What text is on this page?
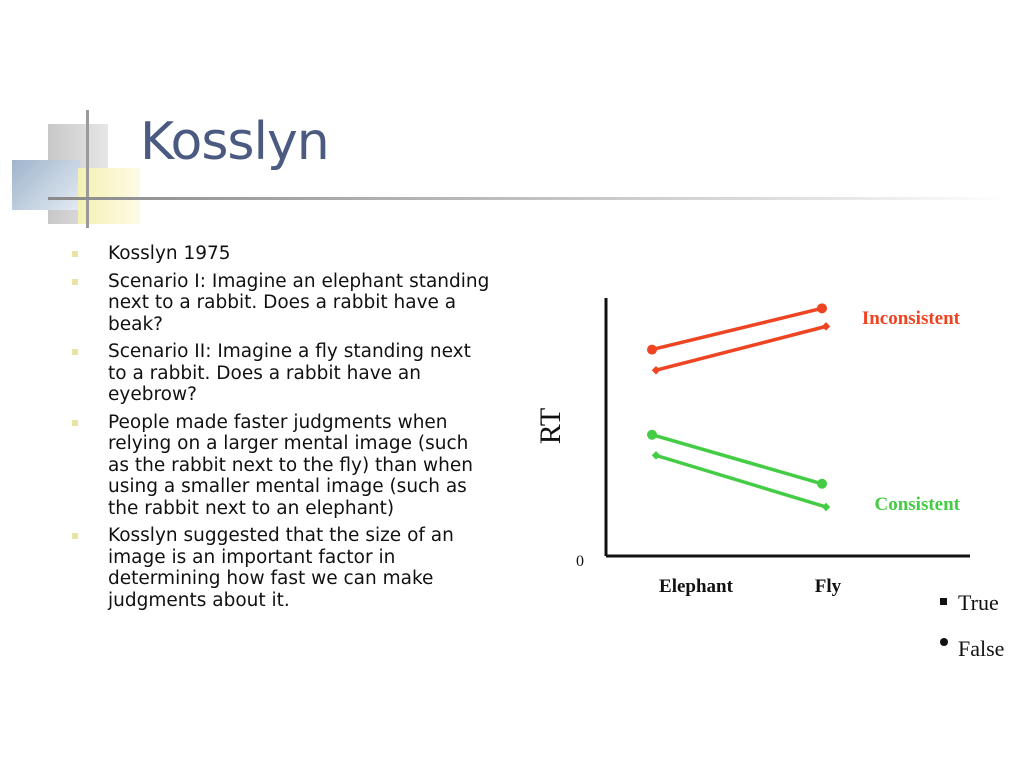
Kosslyn
Kosslyn 1975
Scenario I: Imagine an elephant standing next to a rabbit. Does a rabbit have a beak?
Scenario II: Imagine a fly standing next to a rabbit. Does a rabbit have an eyebrow?
People made faster judgments when relying on a larger mental image (such as the rabbit next to the fly) than when using a smaller mental image (such as the rabbit next to an elephant)
Kosslyn suggested that the size of an image is an important factor in determining how fast we can make judgments about it.
RT
0
Elephant	Fly
Inconsistent
Consistent
True
False
